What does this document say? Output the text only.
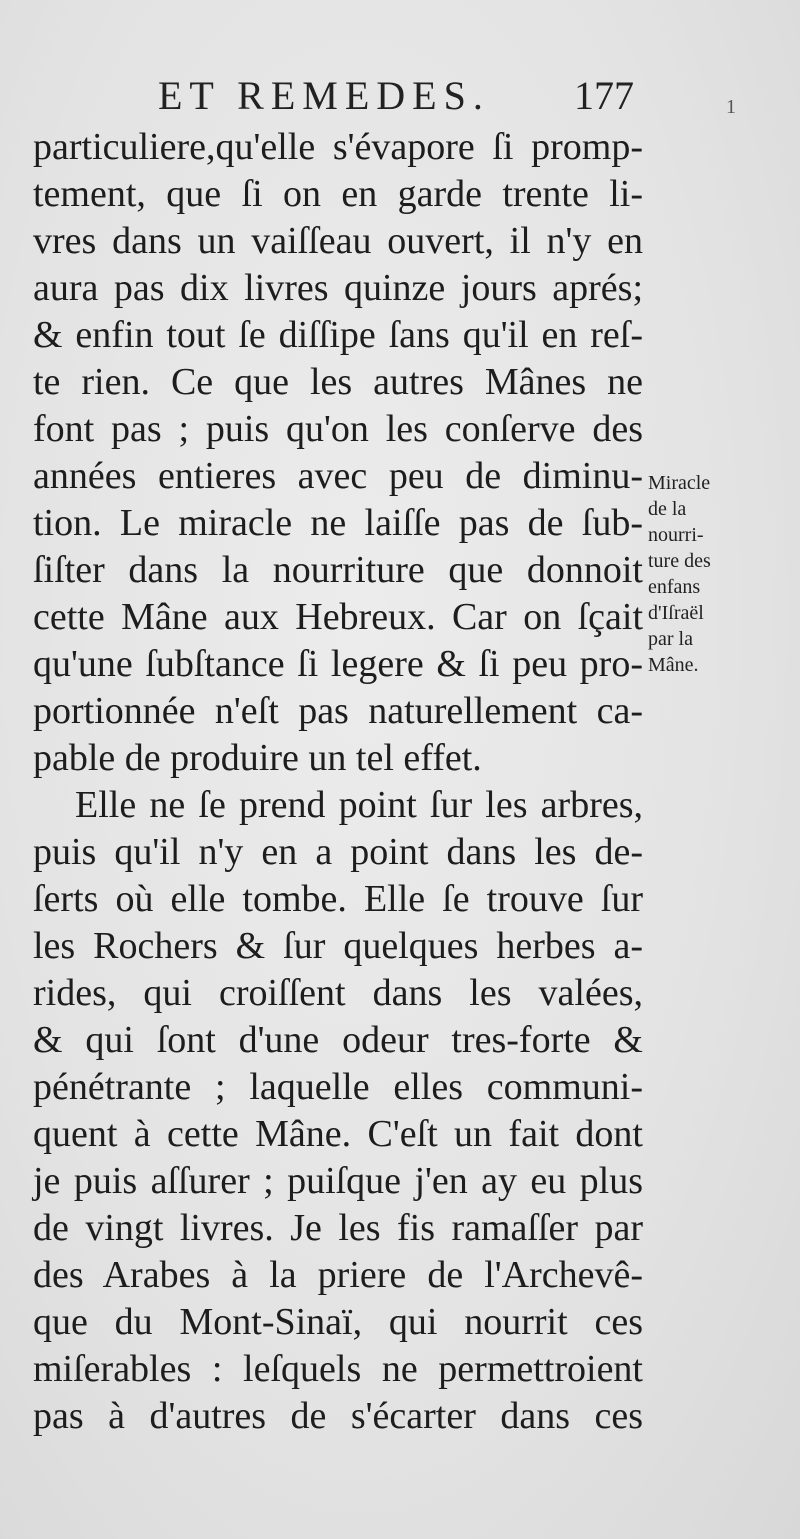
ET REMEDES. 177	1
particuliere,qu'elle s'évapore ſi promp-
tement, que ſi on en garde trente li-
vres dans un vaiſſeau ouvert, il n'y en
aura pas dix livres quinze jours aprés;
& enfin tout ſe diſſipe ſans qu'il en reſ-
te rien. Ce que les autres Mânes ne
font pas ; puis qu'on les conſerve des
années entieres avec peu de diminu-
tion. Le miracle ne laiſſe pas de ſub-
ſiſter dans la nourriture que donnoit
cette Mâne aux Hebreux. Car on ſçait
qu'une ſubſtance ſi legere & ſi peu pro-
portionnée n'eſt pas naturellement ca-
pable de produire un tel effet.
Elle ne ſe prend point ſur les arbres,
puis qu'il n'y en a point dans les de-
ſerts où elle tombe. Elle ſe trouve ſur
les Rochers & ſur quelques herbes a-
rides, qui croiſſent dans les valées,
& qui ſont d'une odeur tres-forte &
pénétrante ; laquelle elles communi-
quent à cette Mâne. C'eſt un fait dont
je puis aſſurer ; puiſque j'en ay eu plus
de vingt livres. Je les fis ramaſſer par
des Arabes à la priere de l'Archevê-
que du Mont-Sinaï, qui nourrit ces
miſerables : leſquels ne permettroient
pas à d'autres de s'écarter dans ces
Miracle
de la
nourri-
ture des
enfans
d'Iſraël
par la
Mâne.
